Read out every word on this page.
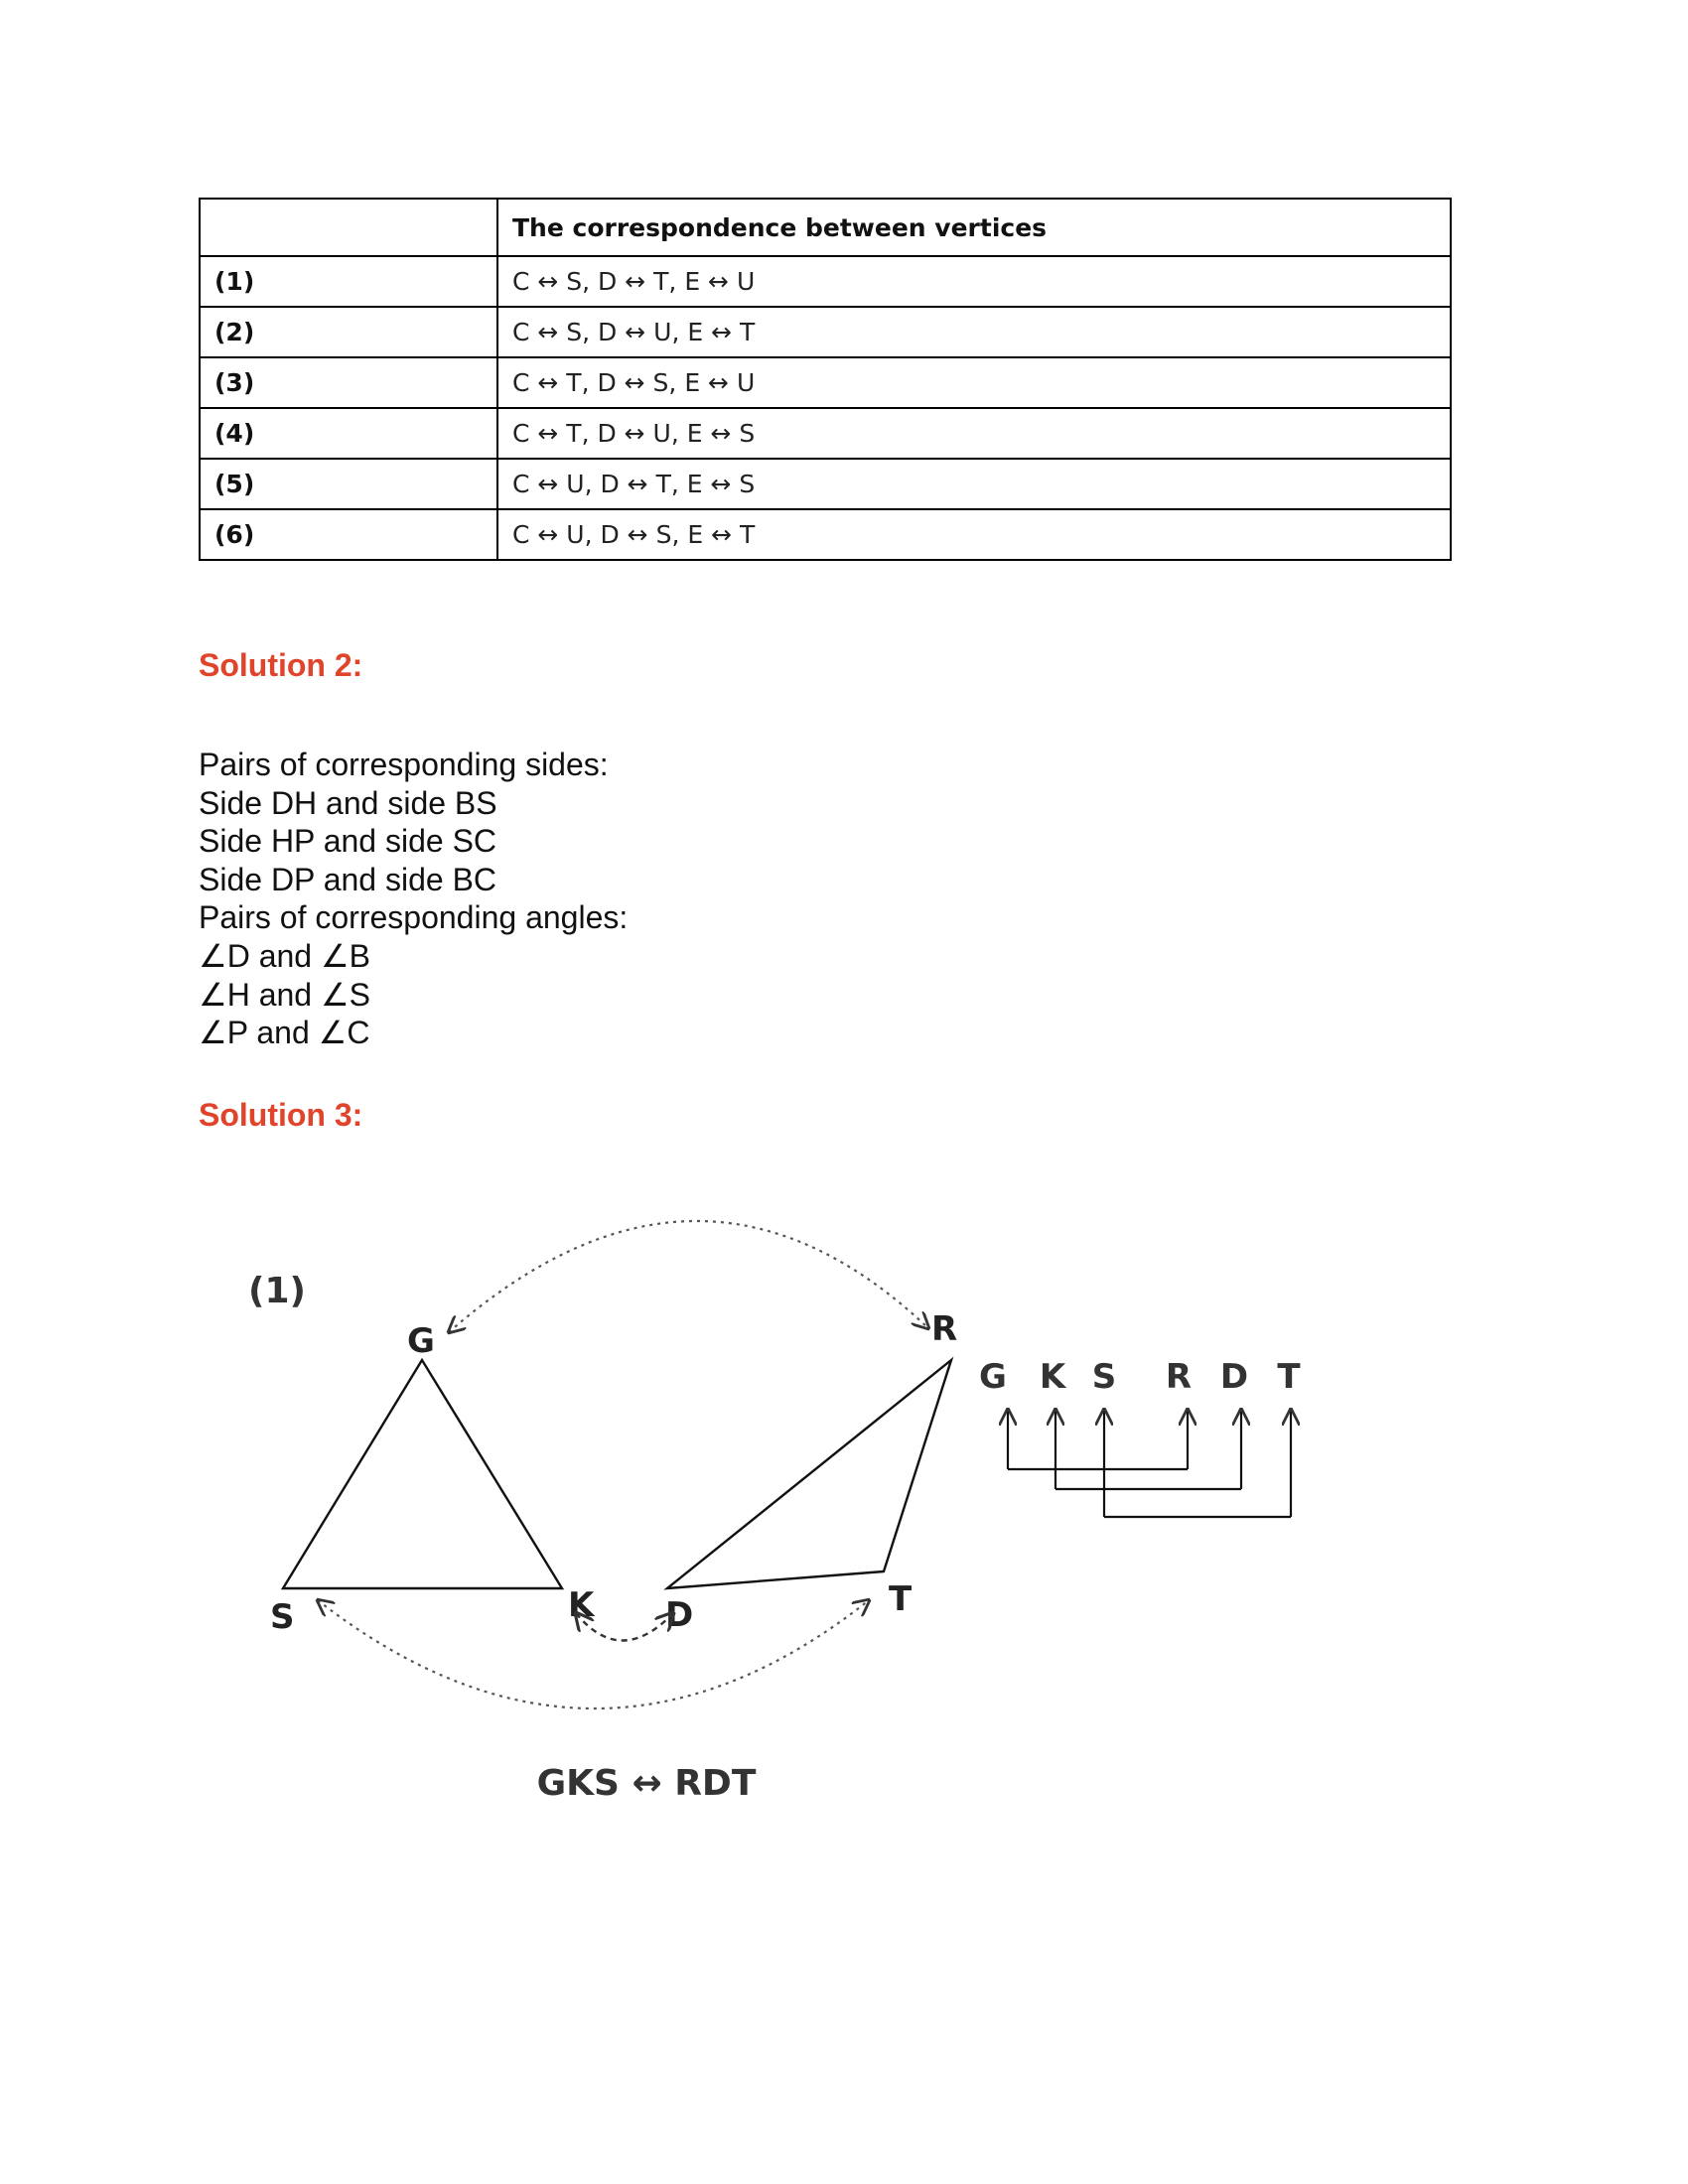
	The correspondence between vertices
(1)	C ↔ S, D ↔ T, E ↔ U
(2)	C ↔ S, D ↔ U, E ↔ T
(3)	C ↔ T, D ↔ S, E ↔ U
(4)	C ↔ T, D ↔ U, E ↔ S
(5)	C ↔ U, D ↔ T, E ↔ S
(6)	C ↔ U, D ↔ S, E ↔ T
Solution 2:
Pairs of corresponding sides:
Side DH and side BS
Side HP and side SC
Side DP and side BC
Pairs of corresponding angles:
∠D and ∠B
∠H and ∠S
∠P and ∠C
Solution 3:
(1)
G
S	K
R
D	T
G K S R D T
GKS ↔ RDT
